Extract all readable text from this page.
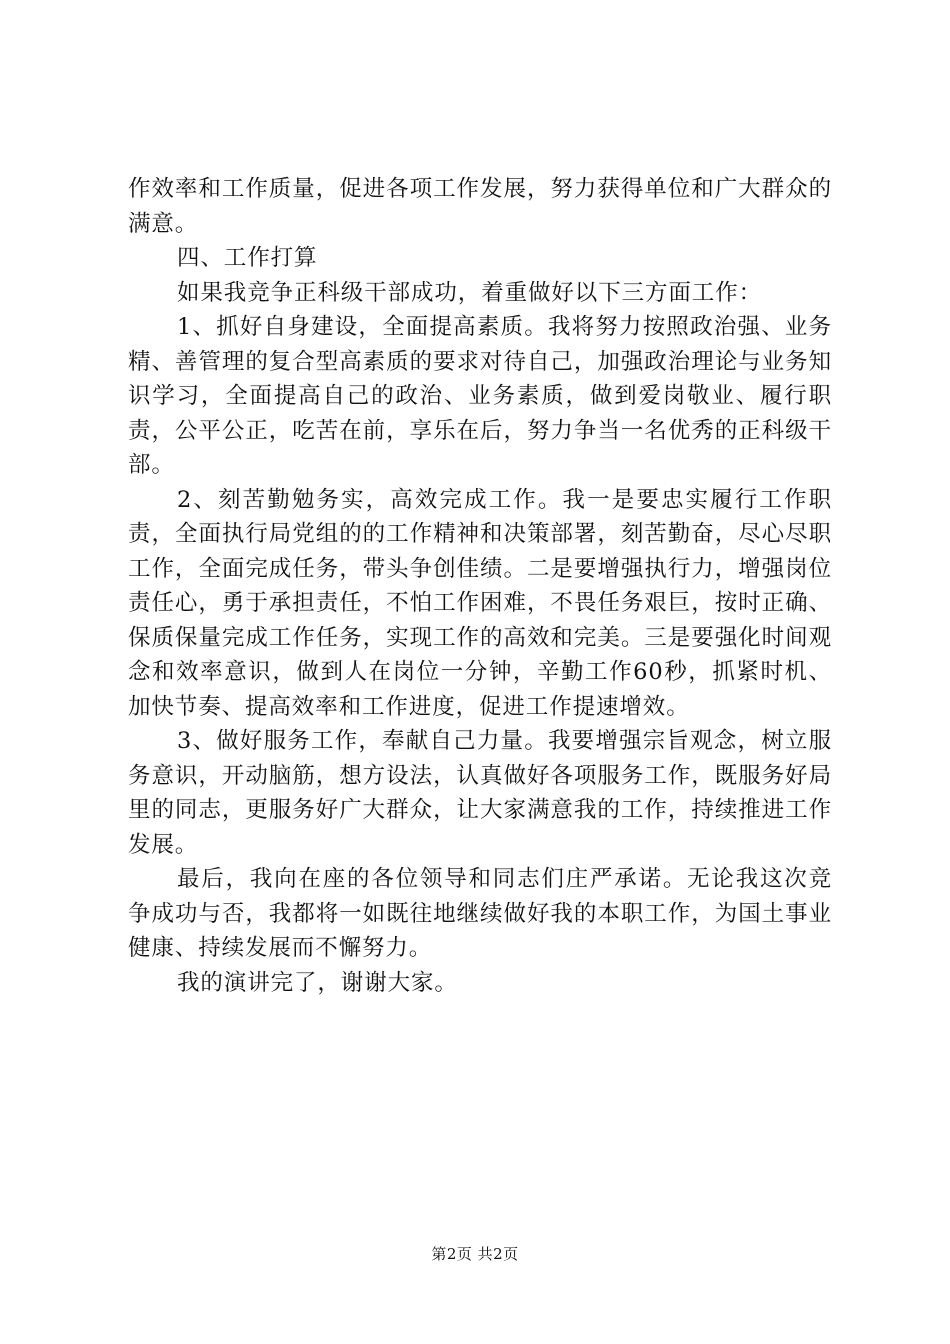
作效率和工作质量，促进各项工作发展，努力获得单位和广大群众的满意。

四、工作打算

如果我竞争正科级干部成功，着重做好以下三方面工作：

1、抓好自身建设，全面提高素质。我将努力按照政治强、业务精、善管理的复合型高素质的要求对待自己，加强政治理论与业务知识学习，全面提高自己的政治、业务素质，做到爱岗敬业、履行职责，公平公正，吃苦在前，享乐在后，努力争当一名优秀的正科级干部。

2、刻苦勤勉务实，高效完成工作。我一是要忠实履行工作职责，全面执行局党组的的工作精神和决策部署，刻苦勤奋，尽心尽职工作，全面完成任务，带头争创佳绩。二是要增强执行力，增强岗位责任心，勇于承担责任，不怕工作困难，不畏任务艰巨，按时正确、保质保量完成工作任务，实现工作的高效和完美。三是要强化时间观念和效率意识，做到人在岗位一分钟，辛勤工作60秒，抓紧时机、加快节奏、提高效率和工作进度，促进工作提速增效。

3、做好服务工作，奉献自己力量。我要增强宗旨观念，树立服务意识，开动脑筋，想方设法，认真做好各项服务工作，既服务好局里的同志，更服务好广大群众，让大家满意我的工作，持续推进工作发展。

最后，我向在座的各位领导和同志们庄严承诺。无论我这次竞争成功与否，我都将一如既往地继续做好我的本职工作，为国土事业健康、持续发展而不懈努力。

我的演讲完了，谢谢大家。

第2页 共2页
